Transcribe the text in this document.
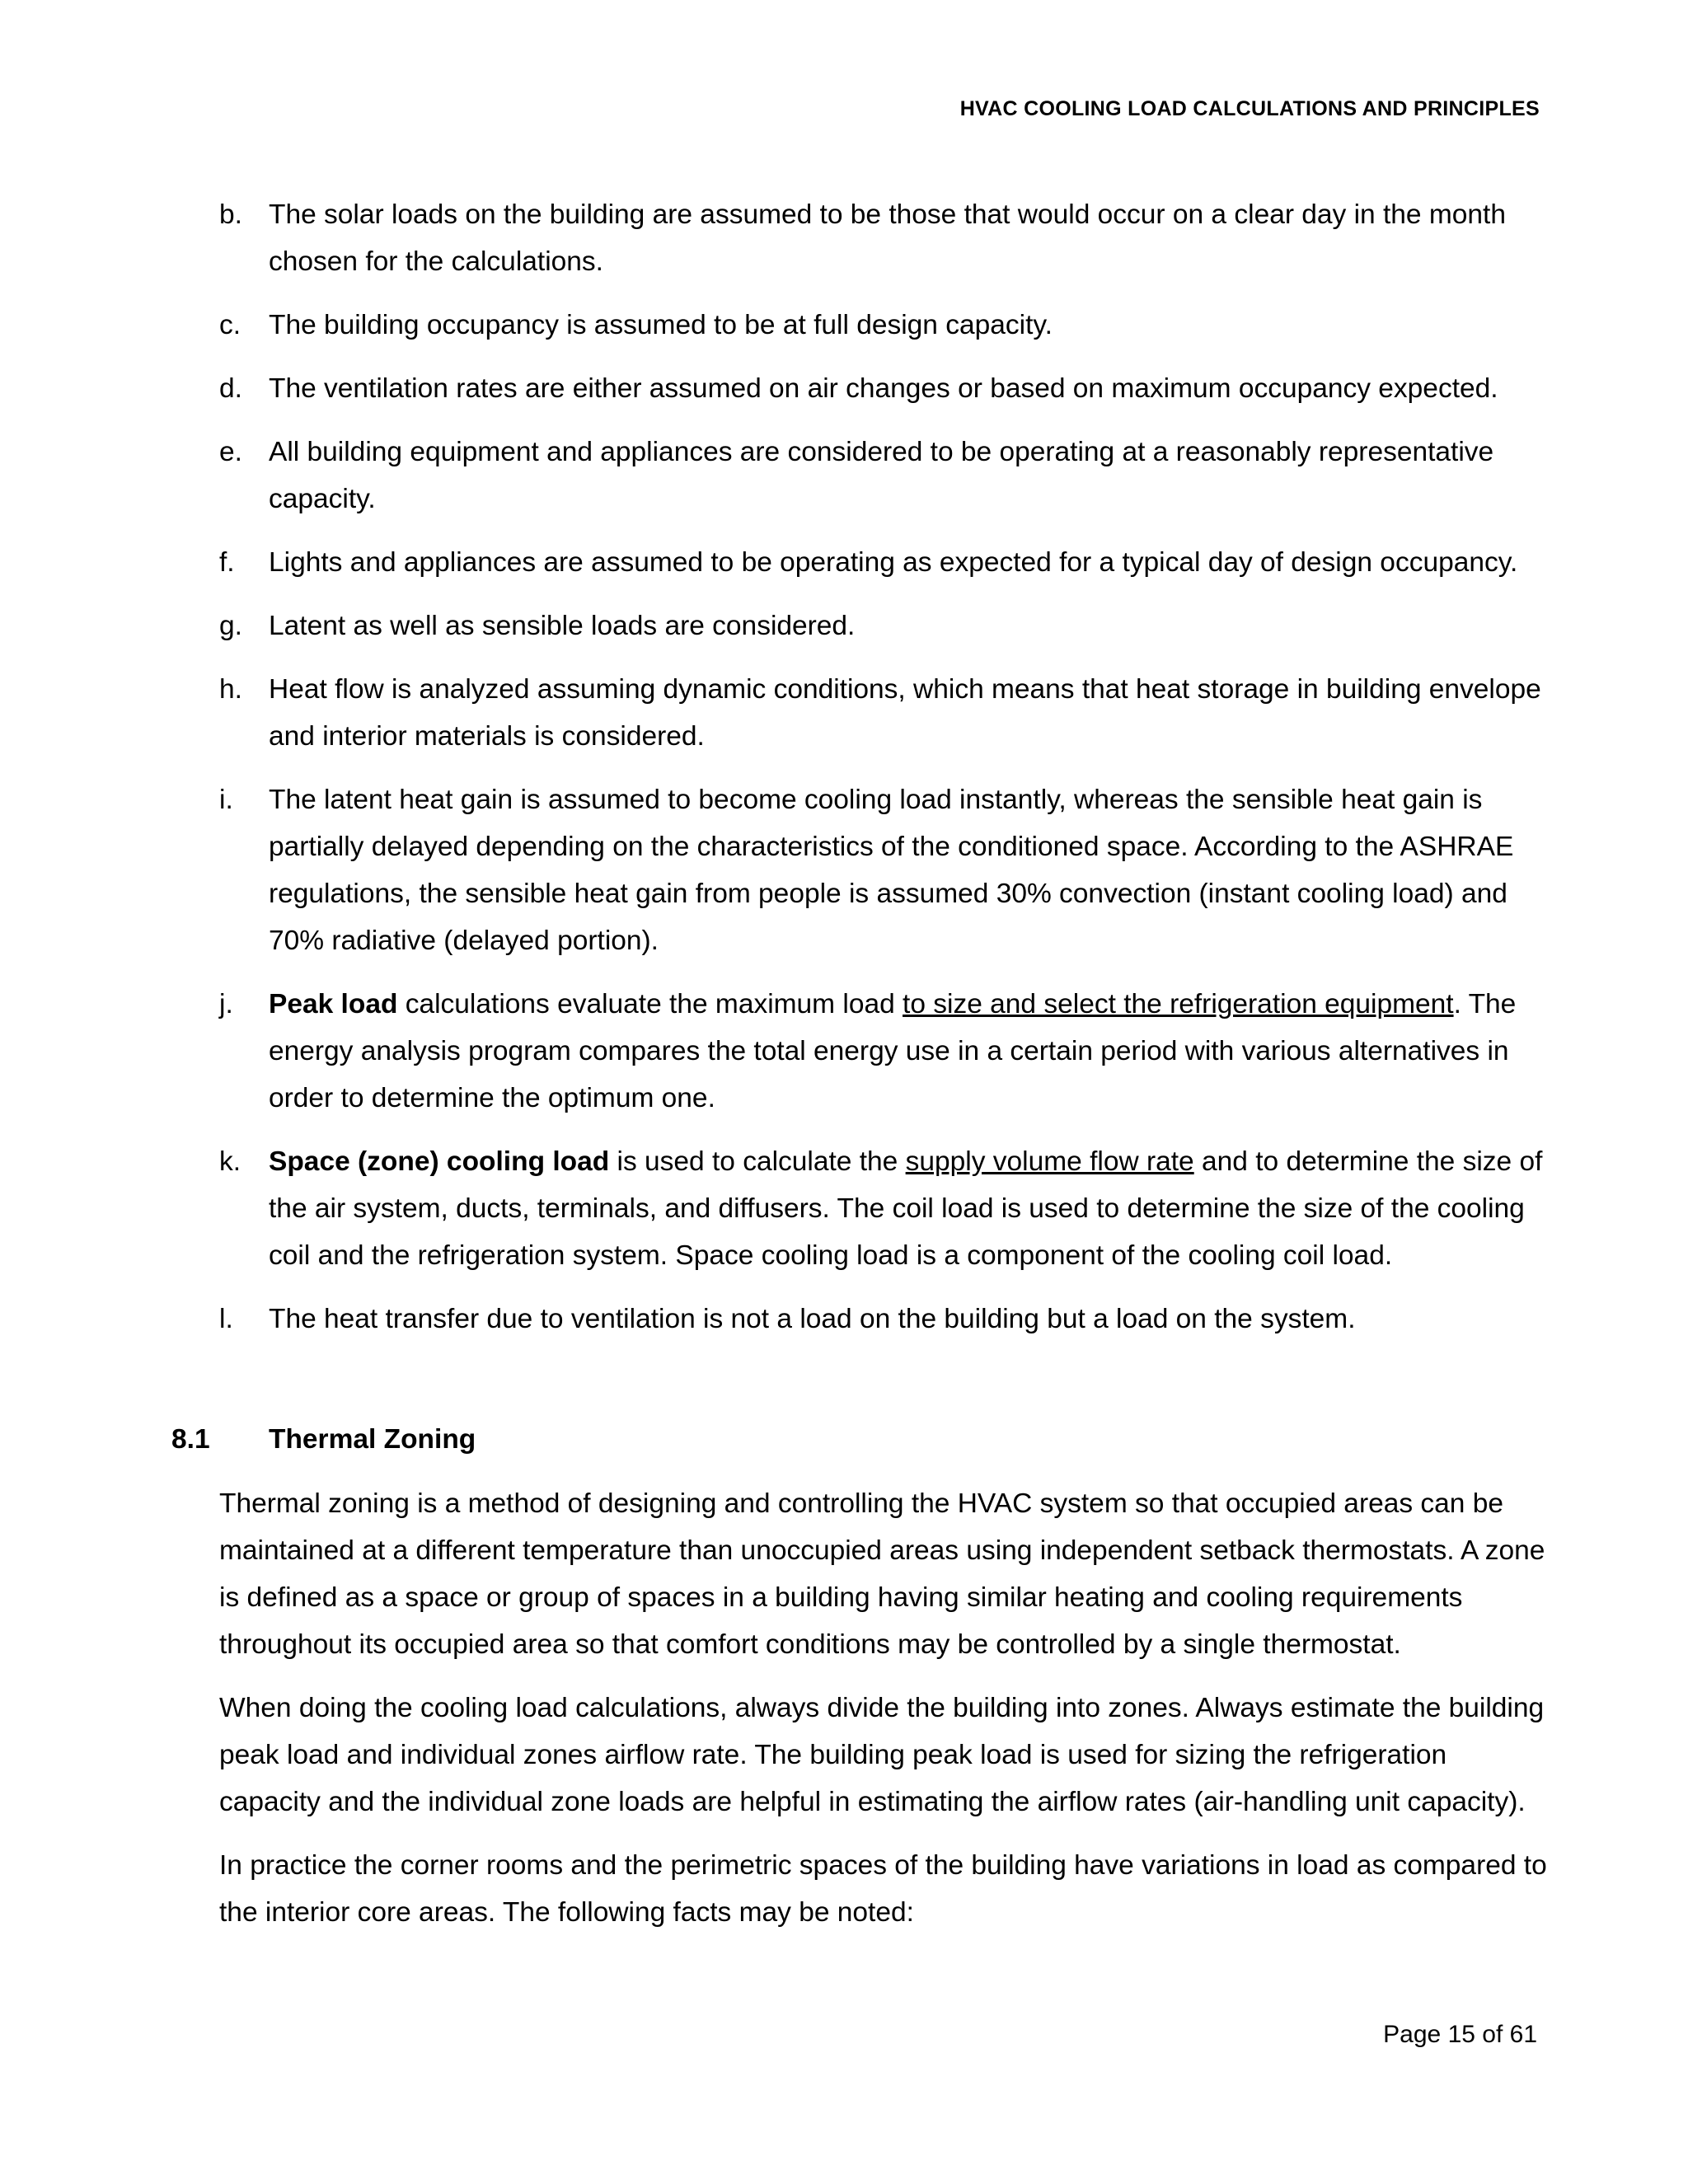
HVAC COOLING LOAD CALCULATIONS AND PRINCIPLES
b. The solar loads on the building are assumed to be those that would occur on a clear day in the month chosen for the calculations.
c. The building occupancy is assumed to be at full design capacity.
d. The ventilation rates are either assumed on air changes or based on maximum occupancy expected.
e. All building equipment and appliances are considered to be operating at a reasonably representative capacity.
f. Lights and appliances are assumed to be operating as expected for a typical day of design occupancy.
g. Latent as well as sensible loads are considered.
h. Heat flow is analyzed assuming dynamic conditions, which means that heat storage in building envelope and interior materials is considered.
i. The latent heat gain is assumed to become cooling load instantly, whereas the sensible heat gain is partially delayed depending on the characteristics of the conditioned space. According to the ASHRAE regulations, the sensible heat gain from people is assumed 30% convection (instant cooling load) and 70% radiative (delayed portion).
j. Peak load calculations evaluate the maximum load to size and select the refrigeration equipment. The energy analysis program compares the total energy use in a certain period with various alternatives in order to determine the optimum one.
k. Space (zone) cooling load is used to calculate the supply volume flow rate and to determine the size of the air system, ducts, terminals, and diffusers. The coil load is used to determine the size of the cooling coil and the refrigeration system. Space cooling load is a component of the cooling coil load.
l. The heat transfer due to ventilation is not a load on the building but a load on the system.
8.1 Thermal Zoning

Thermal zoning is a method of designing and controlling the HVAC system so that occupied areas can be maintained at a different temperature than unoccupied areas using independent setback thermostats. A zone is defined as a space or group of spaces in a building having similar heating and cooling requirements throughout its occupied area so that comfort conditions may be controlled by a single thermostat.

When doing the cooling load calculations, always divide the building into zones. Always estimate the building peak load and individual zones airflow rate. The building peak load is used for sizing the refrigeration capacity and the individual zone loads are helpful in estimating the airflow rates (air-handling unit capacity).

In practice the corner rooms and the perimetric spaces of the building have variations in load as compared to the interior core areas. The following facts may be noted:

Page 15 of 61
